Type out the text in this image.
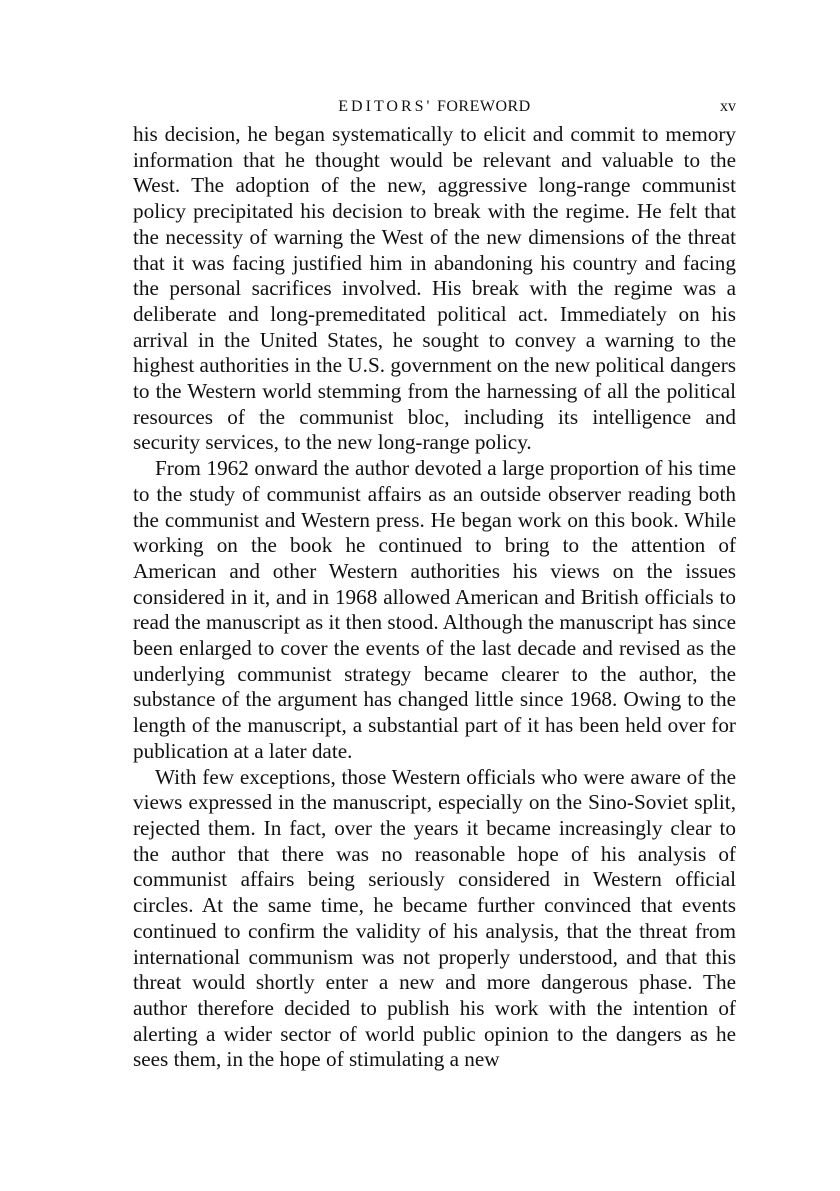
EDITORS' FOREWORD	xv

his decision, he began systematically to elicit and commit to memory information that he thought would be relevant and valuable to the West. The adoption of the new, aggressive long-range communist policy precipitated his decision to break with the regime. He felt that the necessity of warning the West of the new dimensions of the threat that it was facing justified him in abandoning his country and facing the personal sacrifices involved. His break with the regime was a deliberate and long-premeditated political act. Immediately on his arrival in the United States, he sought to convey a warning to the highest authorities in the U.S. government on the new political dangers to the Western world stemming from the harnessing of all the political resources of the communist bloc, including its intelligence and security services, to the new long-range policy.

From 1962 onward the author devoted a large proportion of his time to the study of communist affairs as an outside observer reading both the communist and Western press. He began work on this book. While working on the book he continued to bring to the attention of American and other Western authorities his views on the issues considered in it, and in 1968 allowed American and British officials to read the manuscript as it then stood. Although the manuscript has since been enlarged to cover the events of the last decade and revised as the underlying communist strategy became clearer to the author, the substance of the argument has changed little since 1968. Owing to the length of the manuscript, a substantial part of it has been held over for publication at a later date.

With few exceptions, those Western officials who were aware of the views expressed in the manuscript, especially on the Sino-Soviet split, rejected them. In fact, over the years it became increasingly clear to the author that there was no reasonable hope of his analysis of communist affairs being seriously considered in Western official circles. At the same time, he became further convinced that events continued to confirm the validity of his analysis, that the threat from international communism was not properly understood, and that this threat would shortly enter a new and more dangerous phase. The author therefore decided to publish his work with the intention of alerting a wider sector of world public opinion to the dangers as he sees them, in the hope of stimulating a new
